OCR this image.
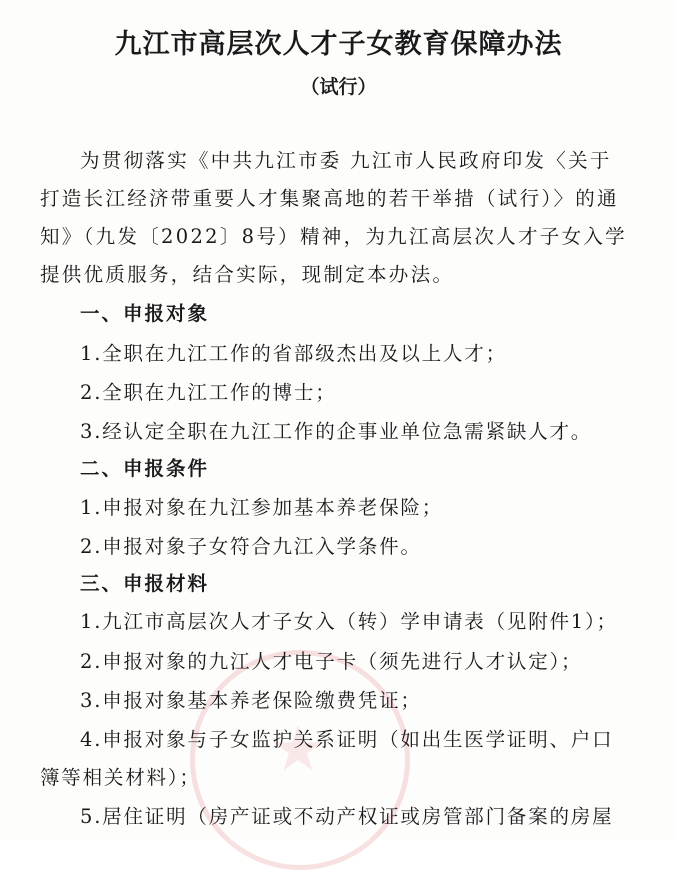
九江市高层次人才子女教育保障办法
（试行）

为贯彻落实《中共九江市委 九江市人民政府印发〈关于

打造长江经济带重要人才集聚高地的若干举措（试行）〉的通

知》（九发〔2022〕8号）精神，为九江高层次人才子女入学

提供优质服务，结合实际，现制定本办法。

一、申报对象

1.全职在九江工作的省部级杰出及以上人才；

2.全职在九江工作的博士；

3.经认定全职在九江工作的企事业单位急需紧缺人才。

二、申报条件

1.申报对象在九江参加基本养老保险；

2.申报对象子女符合九江入学条件。

三、申报材料

1.九江市高层次人才子女入（转）学申请表（见附件1）；

2.申报对象的九江人才电子卡（须先进行人才认定）；

3.申报对象基本养老保险缴费凭证；

4.申报对象与子女监护关系证明（如出生医学证明、户口

簿等相关材料）；

5.居住证明（房产证或不动产权证或房管部门备案的房屋
